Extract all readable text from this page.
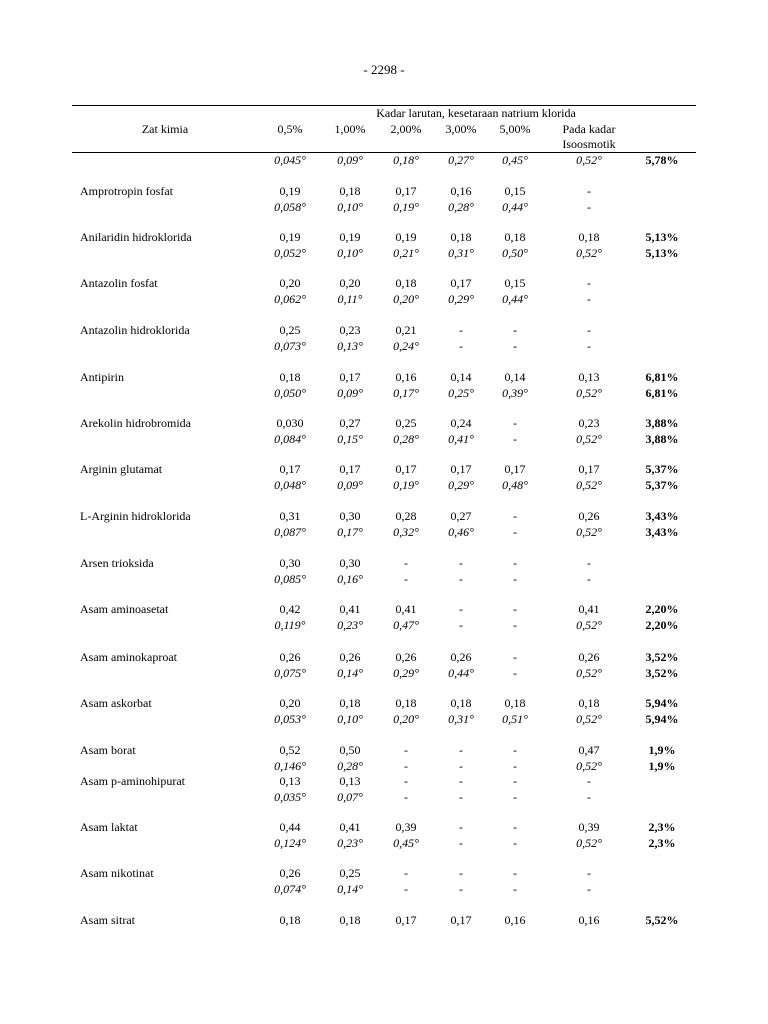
- 2298 -
Zat kimia
Kadar larutan, kesetaraan natrium klorida
0,5%	1,00% 2,00% 3,00% 5,00%	Pada kadar
Isoosmotik
0,045°	0,09°	0,18° 0,27° 0,45°	0,52°	5,78%
Amprotropin fosfat	0,19	0,18	0,17	0,16	0,15	-
0,058°	0,10°	0,19° 0,28° 0,44°	-
Anilaridin hidroklorida	0,19	0,19	0,19	0,18	0,18	0,18	5,13%
0,052°	0,10°	0,21° 0,31° 0,50°	0,52°	5,13%
Antazolin fosfat	0,20	0,20	0,18	0,17	0,15	-
0,062°	0,11°	0,20° 0,29° 0,44°	-
Antazolin hidroklorida	0,25	0,23	0,21	-	-	-
0,073°	0,13°	0,24°	-	-	-
Antipirin	0,18	0,17	0,16	0,14	0,14	0,13	6,81%
0,050°	0,09°	0,17° 0,25° 0,39°	0,52°	6,81%
Arekolin hidrobromida	0,030	0,27	0,25	0,24	-	0,23	3,88%
0,084°	0,15°	0,28° 0,41°	-	0,52°	3,88%
Arginin glutamat	0,17	0,17	0,17	0,17	0,17	0,17	5,37%
0,048°	0,09°	0,19° 0,29° 0,48°	0,52°	5,37%
L-Arginin hidroklorida	0,31	0,30	0,28	0,27	-	0,26	3,43%
0,087°	0,17°	0,32° 0,46°	-	0,52°	3,43%
Arsen trioksida	0,30	0,30	-	-	-	-
0,085°	0,16°	-	-	-	-
Asam aminoasetat	0,42	0,41	0,41	-	-	0,41	2,20%
0,119°	0,23°	0,47°	-	-	0,52°	2,20%
Asam aminokaproat	0,26	0,26	0,26	0,26	-	0,26	3,52%
0,075°	0,14°	0,29° 0,44°	-	0,52°	3,52%
Asam askorbat	0,20	0,18	0,18	0,18	0,18	0,18	5,94%
0,053°	0,10°	0,20° 0,31° 0,51°	0,52°	5,94%
Asam borat	0,52	0,50	-	-	-	0,47	1,9%
0,146°	0,28°	-	-	-	0,52°	1,9%
Asam p-aminohipurat	0,13	0,13	-	-	-	-
0,035°	0,07°	-	-	-	-
Asam laktat	0,44	0,41	0,39	-	-	0,39	2,3%
0,124°	0,23°	0,45°	-	-	0,52°	2,3%
Asam nikotinat	0,26	0,25	-	-	-	-
0,074°	0,14°	-	-	-	-
Asam sitrat	0,18	0,18	0,17	0,17	0,16	0,16	5,52%
